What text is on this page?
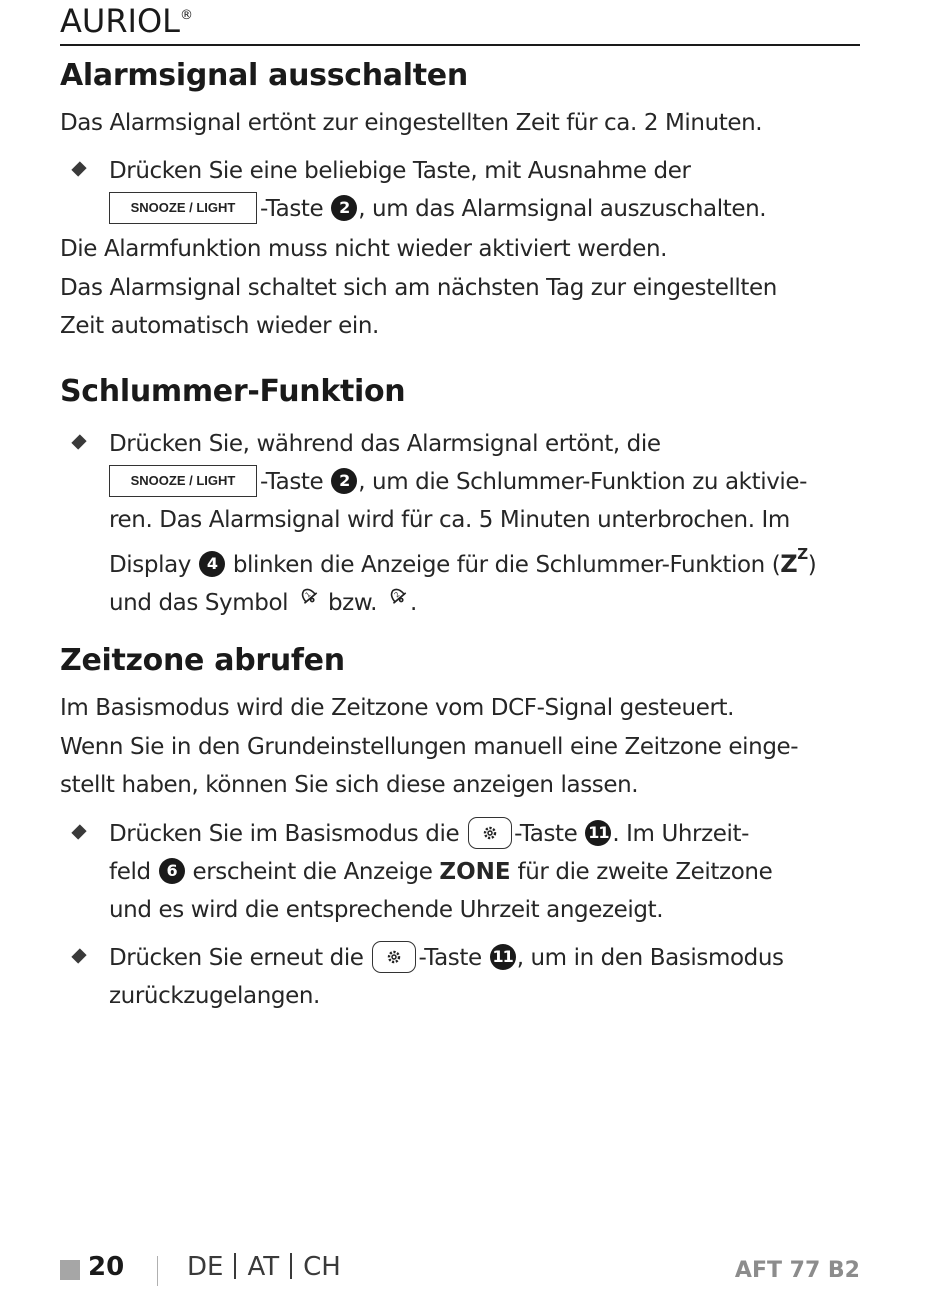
AURIOL®
Alarmsignal ausschalten
Das Alarmsignal ertönt zur eingestellten Zeit für ca. 2 Minuten.
Drücken Sie eine beliebige Taste, mit Ausnahme der
SNOOZE / LIGHT -Taste 2 , um das Alarmsignal auszuschalten.
Die Alarmfunktion muss nicht wieder aktiviert werden.
Das Alarmsignal schaltet sich am nächsten Tag zur eingestellten
Zeit automatisch wieder ein.
Schlummer-Funktion
Drücken Sie, während das Alarmsignal ertönt, die
SNOOZE / LIGHT -Taste 2 , um die Schlummer-Funktion zu aktivie-
ren. Das Alarmsignal wird für ca. 5 Minuten unterbrochen. Im
Display 4 blinken die Anzeige für die Schlummer-Funktion $(Z^Z)$
und das Symbol 1 bzw. 2 .
Zeitzone abrufen
Im Basismodus wird die Zeitzone vom DCF-Signal gesteuert.
Wenn Sie in den Grundeinstellungen manuell eine Zeitzone einge-
stellt haben, können Sie sich diese anzeigen lassen.
Drücken Sie im Basismodus die -Taste 11 . Im Uhrzeit-
feld 6 erscheint die Anzeige ZONE für die zweite Zeitzone
und es wird die entsprechende Uhrzeit angezeigt.
Drücken Sie erneut die -Taste 11 , um in den Basismodus
zurückzugelangen.
20 DE AT CH	AFT 77 B2
